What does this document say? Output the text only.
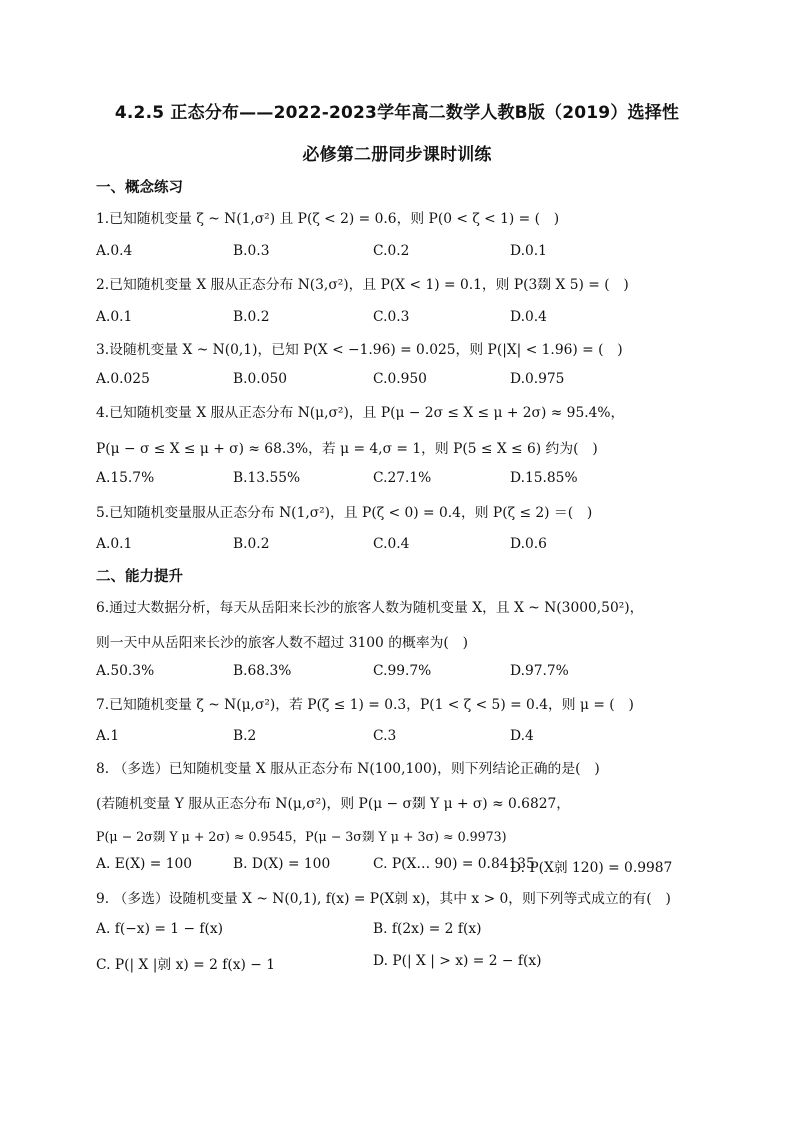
4.2.5 正态分布——2022-2023学年高二数学人教B版（2019）选择性
必修第二册同步课时训练
一、概念练习
1.已知随机变量 ζ ~ N(1,σ²) 且 P(ζ < 2) = 0.6，则 P(0 < ζ < 1) = (　)
A.0.4	B.0.3	C.0.2	D.0.1
2.已知随机变量 X 服从正态分布 N(3,σ²)，且 P(X < 1) = 0.1，则 P(3剟 X 5) = (　)
A.0.1	B.0.2	C.0.3	D.0.4
3.设随机变量 X ~ N(0,1)，已知 P(X < −1.96) = 0.025，则 P(|X| < 1.96) = (　)
A.0.025	B.0.050	C.0.950	D.0.975
4.已知随机变量 X 服从正态分布 N(μ,σ²)，且 P(μ − 2σ ≤ X ≤ μ + 2σ) ≈ 95.4%，
P(μ − σ ≤ X ≤ μ + σ) ≈ 68.3%，若 μ = 4,σ = 1，则 P(5 ≤ X ≤ 6) 约为(　)
A.15.7%	B.13.55%	C.27.1%	D.15.85%
5.已知随机变量服从正态分布 N(1,σ²)，且 P(ζ < 0) = 0.4，则 P(ζ ≤ 2) ＝(　)
A.0.1	B.0.2	C.0.4	D.0.6
二、能力提升
6.通过大数据分析，每天从岳阳来长沙的旅客人数为随机变量 X，且 X ~ N(3000,50²)，
则一天中从岳阳来长沙的旅客人数不超过 3100 的概率为(　)
A.50.3%	B.68.3%	C.99.7%	D.97.7%
7.已知随机变量 ζ ~ N(μ,σ²)，若 P(ζ ≤ 1) = 0.3，P(1 < ζ < 5) = 0.4，则 μ = (　)
A.1	B.2	C.3	D.4
8. （多选）已知随机变量 X 服从正态分布 N(100,100)，则下列结论正确的是(　)
(若随机变量 Y 服从正态分布 N(μ,σ²)，则 P(μ − σ剟 Y μ + σ) ≈ 0.6827，
P(μ − 2σ剟 Y μ + 2σ) ≈ 0.9545，P(μ − 3σ剟 Y μ + 3σ) ≈ 0.9973)
A. E(X) = 100	B. D(X) = 100	C. P(X… 90) = 0.84135
D. P(X剠 120) = 0.9987
9. （多选）设随机变量 X ~ N(0,1), f(x) = P(X剠 x)，其中 x > 0，则下列等式成立的有(　)
A. f(−x) = 1 − f(x)	B. f(2x) = 2 f(x)
C. P(| X |剠 x) = 2 f(x) − 1	D. P(| X | > x) = 2 − f(x)
